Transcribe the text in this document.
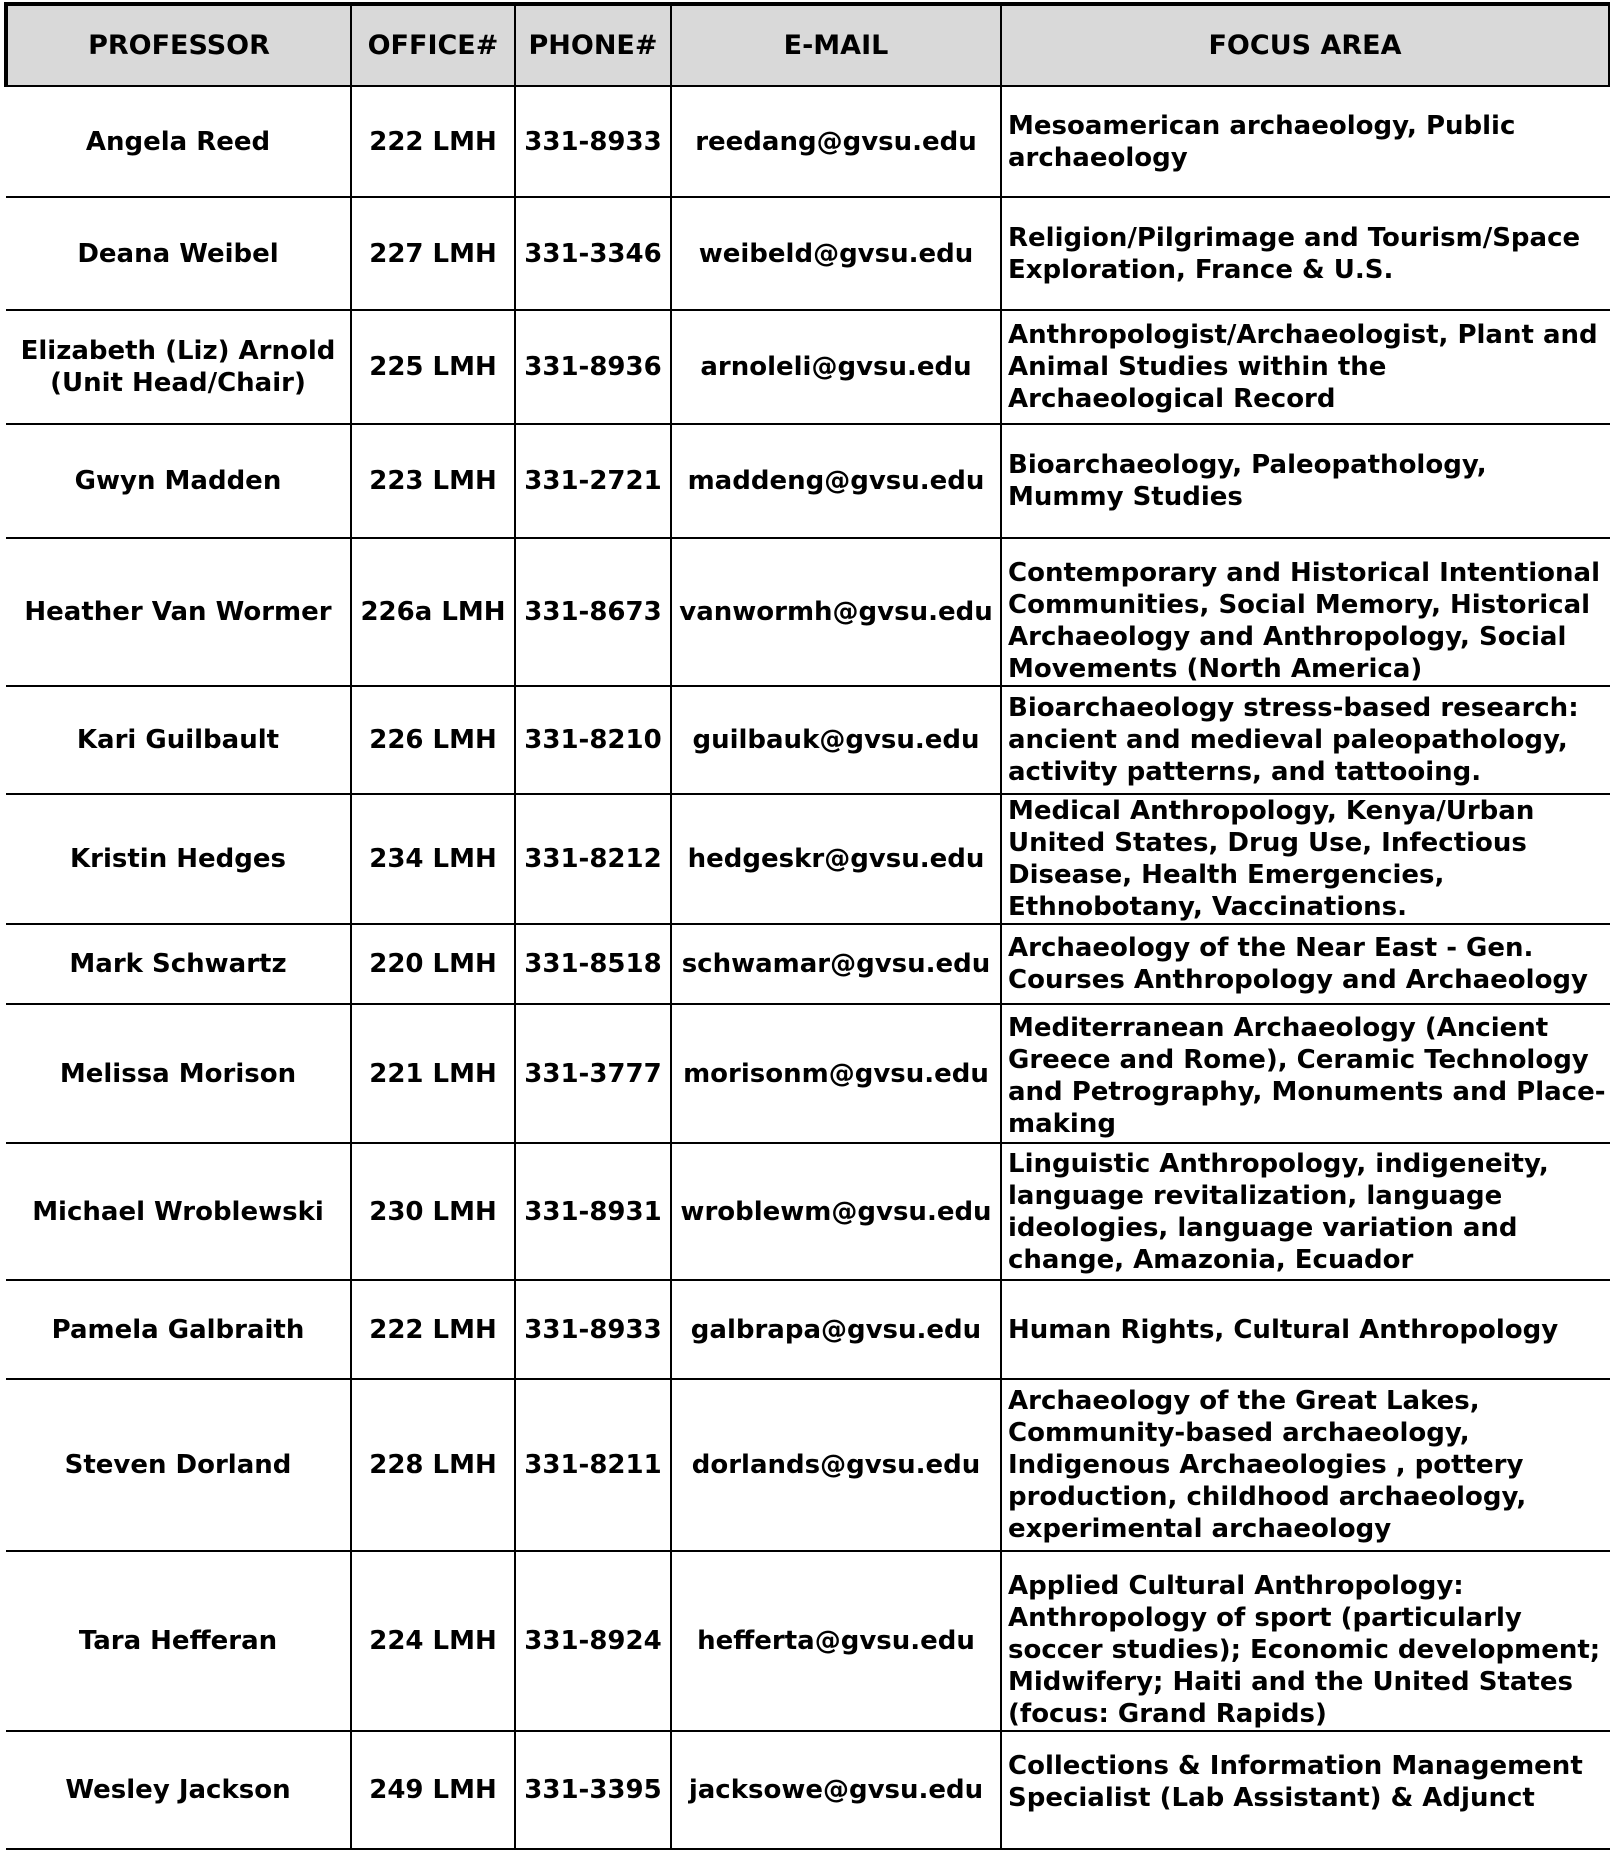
PROFESSOR	OFFICE#	PHONE#	E-MAIL	FOCUS AREA

Angela Reed	222 LMH	331-8933	reedang@gvsu.edu	Mesoamerican archaeology, Public archaeology

Deana Weibel	227 LMH	331-3346	weibeld@gvsu.edu	Religion/Pilgrimage and Tourism/Space Exploration, France & U.S.

Elizabeth (Liz) Arnold
(Unit Head/Chair)	225 LMH	331-8936	arnoleli@gvsu.edu	Anthropologist/Archaeologist, Plant and Animal Studies within the Archaeological Record

Gwyn Madden	223 LMH	331-2721	maddeng@gvsu.edu	Bioarchaeology, Paleopathology, Mummy Studies

Heather Van Wormer	226a LMH	331-8673	vanwormh@gvsu.edu	Contemporary and Historical Intentional Communities, Social Memory, Historical Archaeology and Anthropology, Social Movements (North America)

Kari Guilbault	226 LMH	331-8210	guilbauk@gvsu.edu	Bioarchaeology stress-based research: ancient and medieval paleopathology, activity patterns, and tattooing.

Kristin Hedges	234 LMH	331-8212	hedgeskr@gvsu.edu	Medical Anthropology, Kenya/Urban United States, Drug Use, Infectious Disease, Health Emergencies, Ethnobotany, Vaccinations.

Mark Schwartz	220 LMH	331-8518	schwamar@gvsu.edu	Archaeology of the Near East - Gen. Courses Anthropology and Archaeology

Melissa Morison	221 LMH	331-3777	morisonm@gvsu.edu	Mediterranean Archaeology (Ancient Greece and Rome), Ceramic Technology and Petrography, Monuments and Place-making

Michael Wroblewski	230 LMH	331-8931	wroblewm@gvsu.edu	Linguistic Anthropology, indigeneity, language revitalization, language ideologies, language variation and change, Amazonia, Ecuador

Pamela Galbraith	222 LMH	331-8933	galbrapa@gvsu.edu	Human Rights, Cultural Anthropology

Steven Dorland	228 LMH	331-8211	dorlands@gvsu.edu	Archaeology of the Great Lakes, Community-based archaeology, Indigenous Archaeologies , pottery production, childhood archaeology, experimental archaeology

Tara Hefferan	224 LMH	331-8924	hefferta@gvsu.edu	Applied Cultural Anthropology: Anthropology of sport (particularly soccer studies); Economic development; Midwifery; Haiti and the United States (focus: Grand Rapids)

Wesley Jackson	249 LMH	331-3395	jacksowe@gvsu.edu	Collections & Information Management Specialist (Lab Assistant) & Adjunct
